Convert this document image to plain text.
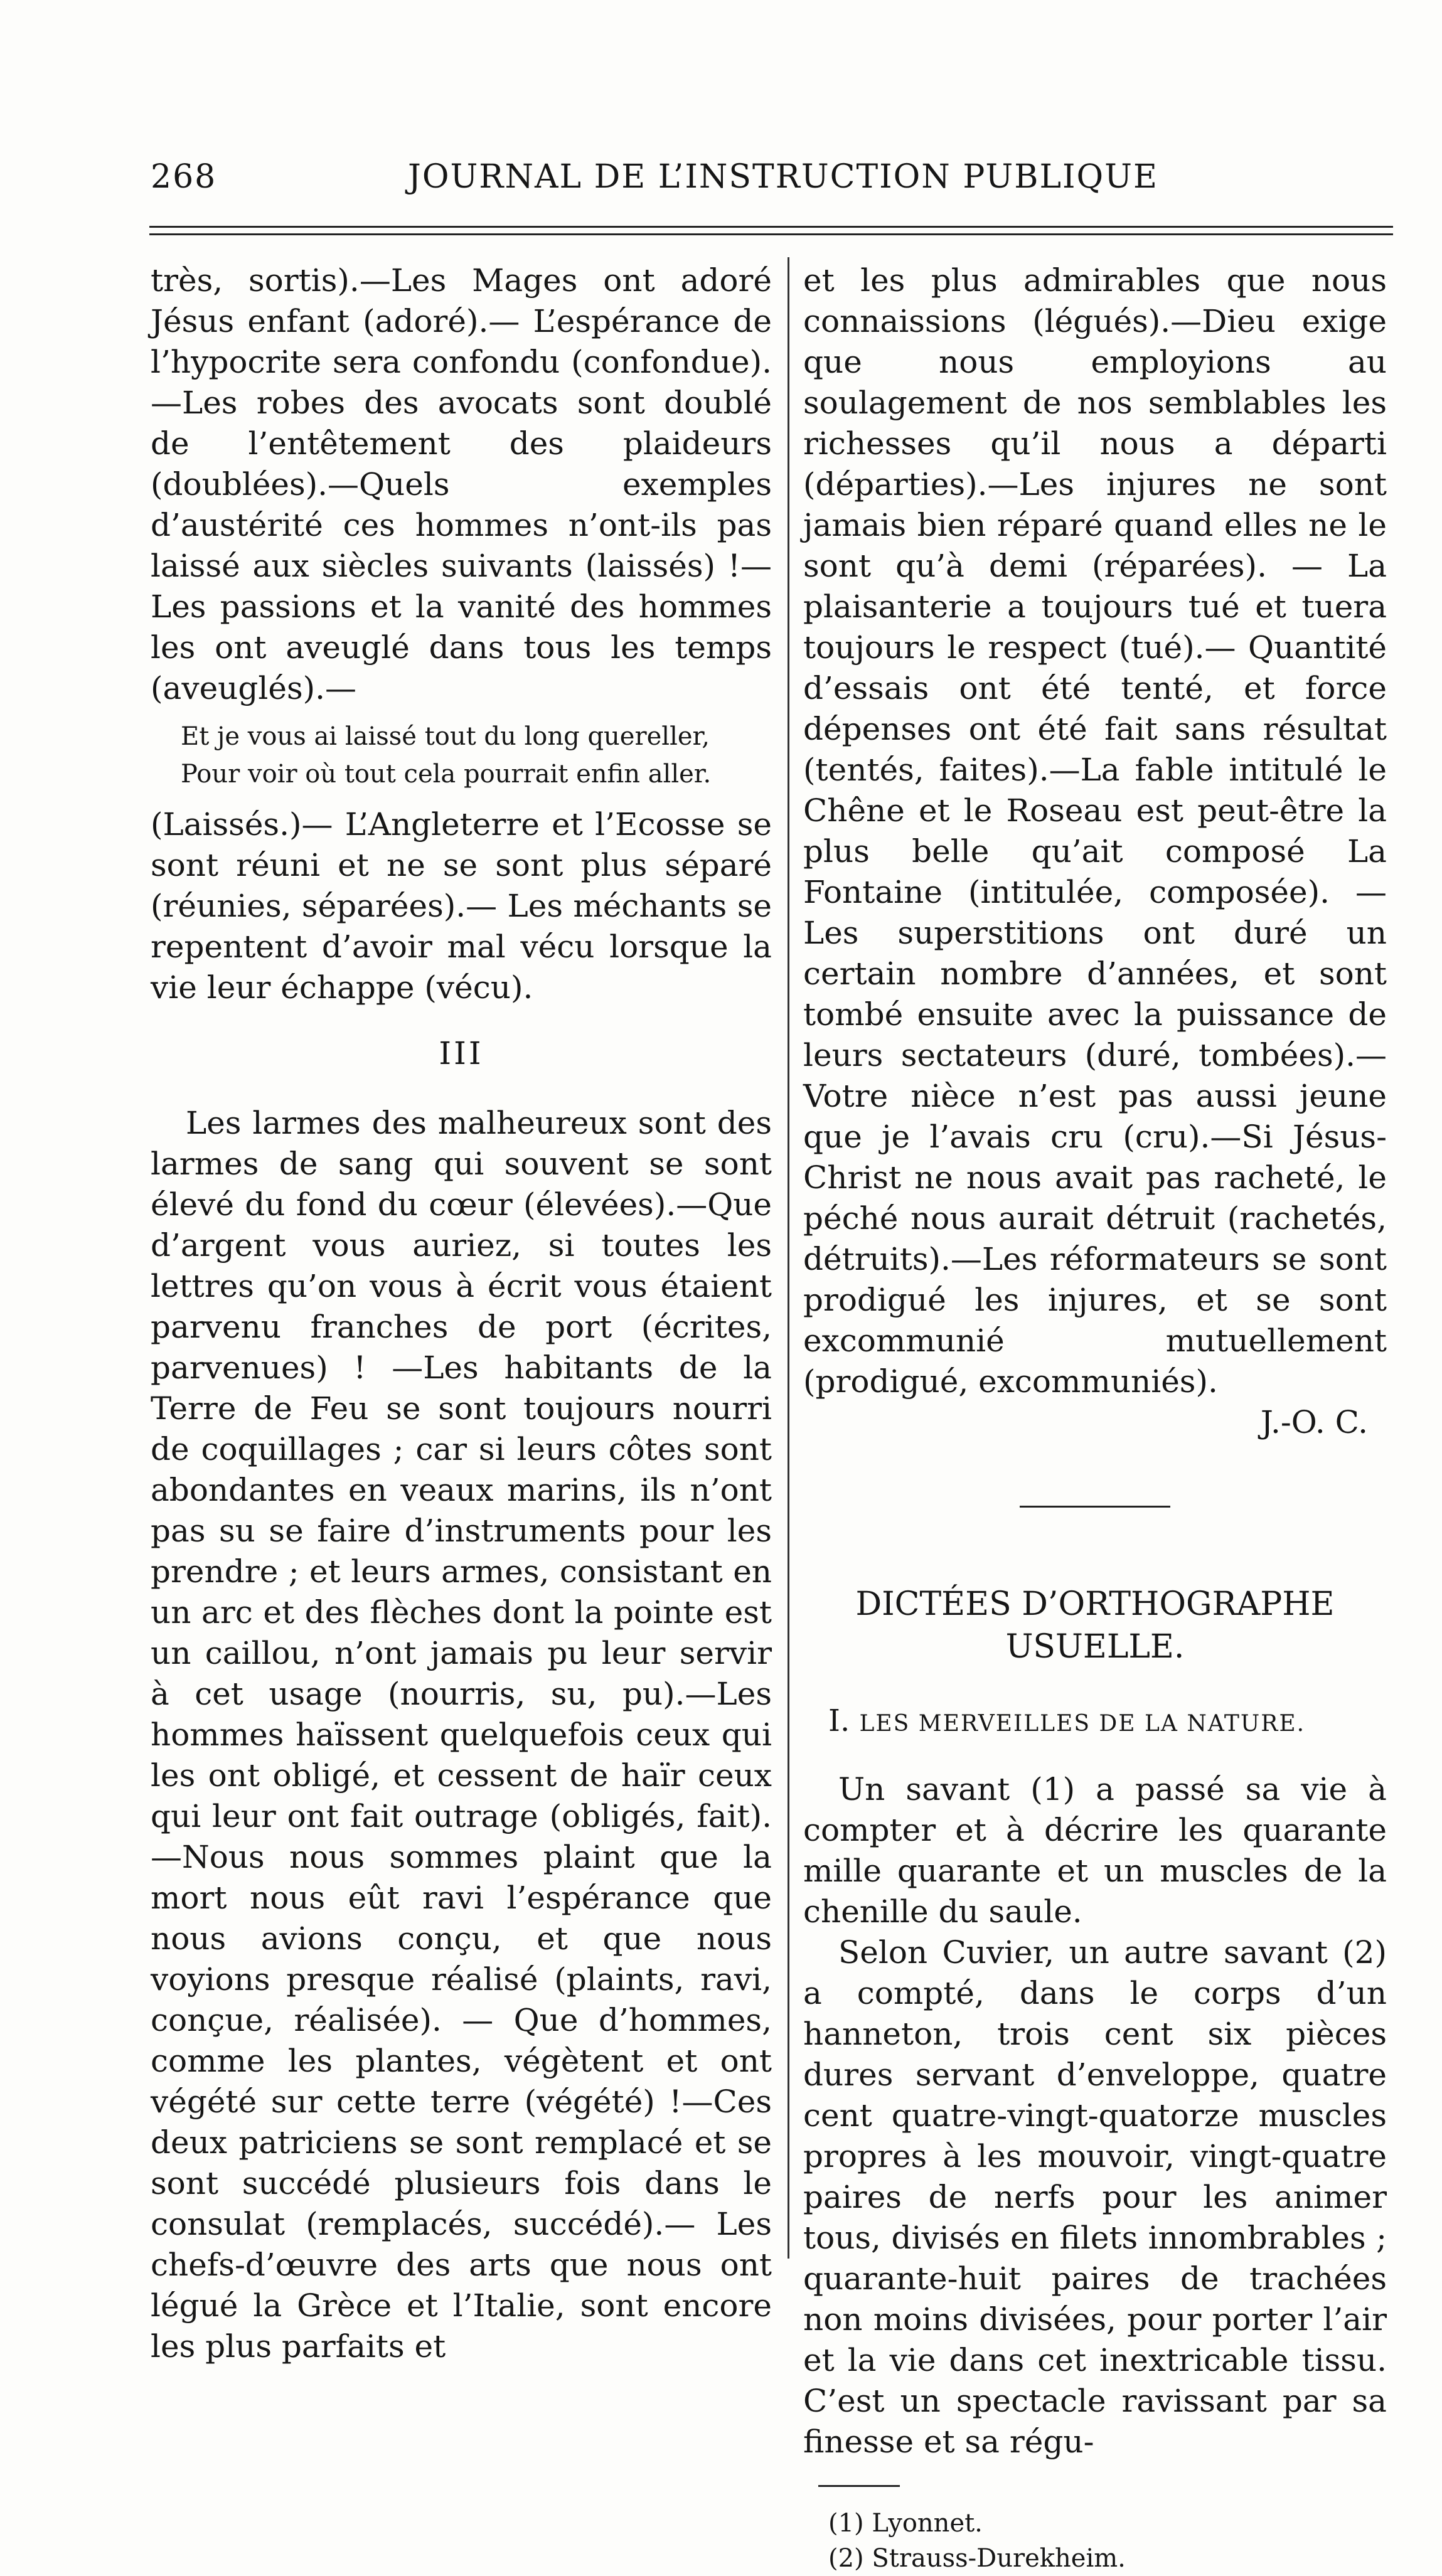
268	JOURNAL DE L’INSTRUCTION PUBLIQUE

très, sortis).—Les Mages ont adoré Jésus enfant (adoré).— L’espérance de l’hypocrite sera confondu (confondue).—Les robes des avocats sont doublé de l’entêtement des plaideurs (doublées).—Quels exemples d’austérité ces hommes n’ont-ils pas laissé aux siècles suivants (laissés) !— Les passions et la vanité des hommes les ont aveuglé dans tous les temps (aveuglés).—

Et je vous ai laissé tout du long quereller,
Pour voir où tout cela pourrait enfin aller.

(Laissés.)— L’Angleterre et l’Ecosse se sont réuni et ne se sont plus séparé (réunies, séparées).— Les méchants se repentent d’avoir mal vécu lorsque la vie leur échappe (vécu).

III

Les larmes des malheureux sont des larmes de sang qui souvent se sont élevé du fond du cœur (élevées).—Que d’argent vous auriez, si toutes les lettres qu’on vous à écrit vous étaient parvenu franches de port (écrites, parvenues) ! —Les habitants de la Terre de Feu se sont toujours nourri de coquillages ; car si leurs côtes sont abondantes en veaux marins, ils n’ont pas su se faire d’instruments pour les prendre ; et leurs armes, consistant en un arc et des flèches dont la pointe est un caillou, n’ont jamais pu leur servir à cet usage (nourris, su, pu).—Les hommes haïssent quelquefois ceux qui les ont obligé, et cessent de haïr ceux qui leur ont fait outrage (obligés, fait). —Nous nous sommes plaint que la mort nous eût ravi l’espérance que nous avions conçu, et que nous voyions presque réalisé (plaints, ravi, conçue, réalisée). — Que d’hommes, comme les plantes, végètent et ont végété sur cette terre (végété) !—Ces deux patriciens se sont remplacé et se sont succédé plusieurs fois dans le consulat (remplacés, succédé).— Les chefs-d’œuvre des arts que nous ont légué la Grèce et l’Italie, sont encore les plus parfaits et

et les plus admirables que nous connaissions (légués).—Dieu exige que nous employions au soulagement de nos semblables les richesses qu’il nous a départi (départies).—Les injures ne sont jamais bien réparé quand elles ne le sont qu’à demi (réparées). — La plaisanterie a toujours tué et tuera toujours le respect (tué).— Quantité d’essais ont été tenté, et force dépenses ont été fait sans résultat (tentés, faites).—La fable intitulé le Chêne et le Roseau est peut-être la plus belle qu’ait composé La Fontaine (intitulée, composée). —Les superstitions ont duré un certain nombre d’années, et sont tombé ensuite avec la puissance de leurs sectateurs (duré, tombées).— Votre nièce n’est pas aussi jeune que je l’avais cru (cru).—Si Jésus-Christ ne nous avait pas racheté, le péché nous aurait détruit (rachetés, détruits).—Les réformateurs se sont prodigué les injures, et se sont excommunié mutuellement (prodigué, excommuniés).

J.-O. C.

DICTÉES D’ORTHOGRAPHE
USUELLE.

I. LES MERVEILLES DE LA NATURE.

Un savant (1) a passé sa vie à compter et à décrire les quarante mille quarante et un muscles de la chenille du saule.

Selon Cuvier, un autre savant (2) a compté, dans le corps d’un hanneton, trois cent six pièces dures servant d’enveloppe, quatre cent quatre-vingt-quatorze muscles propres à les mouvoir, vingt-quatre paires de nerfs pour les animer tous, divisés en filets innombrables ; quarante-huit paires de trachées non moins divisées, pour porter l’air et la vie dans cet inextricable tissu. C’est un spectacle ravissant par sa finesse et sa régu-

(1) Lyonnet.

(2) Strauss-Durekheim.
